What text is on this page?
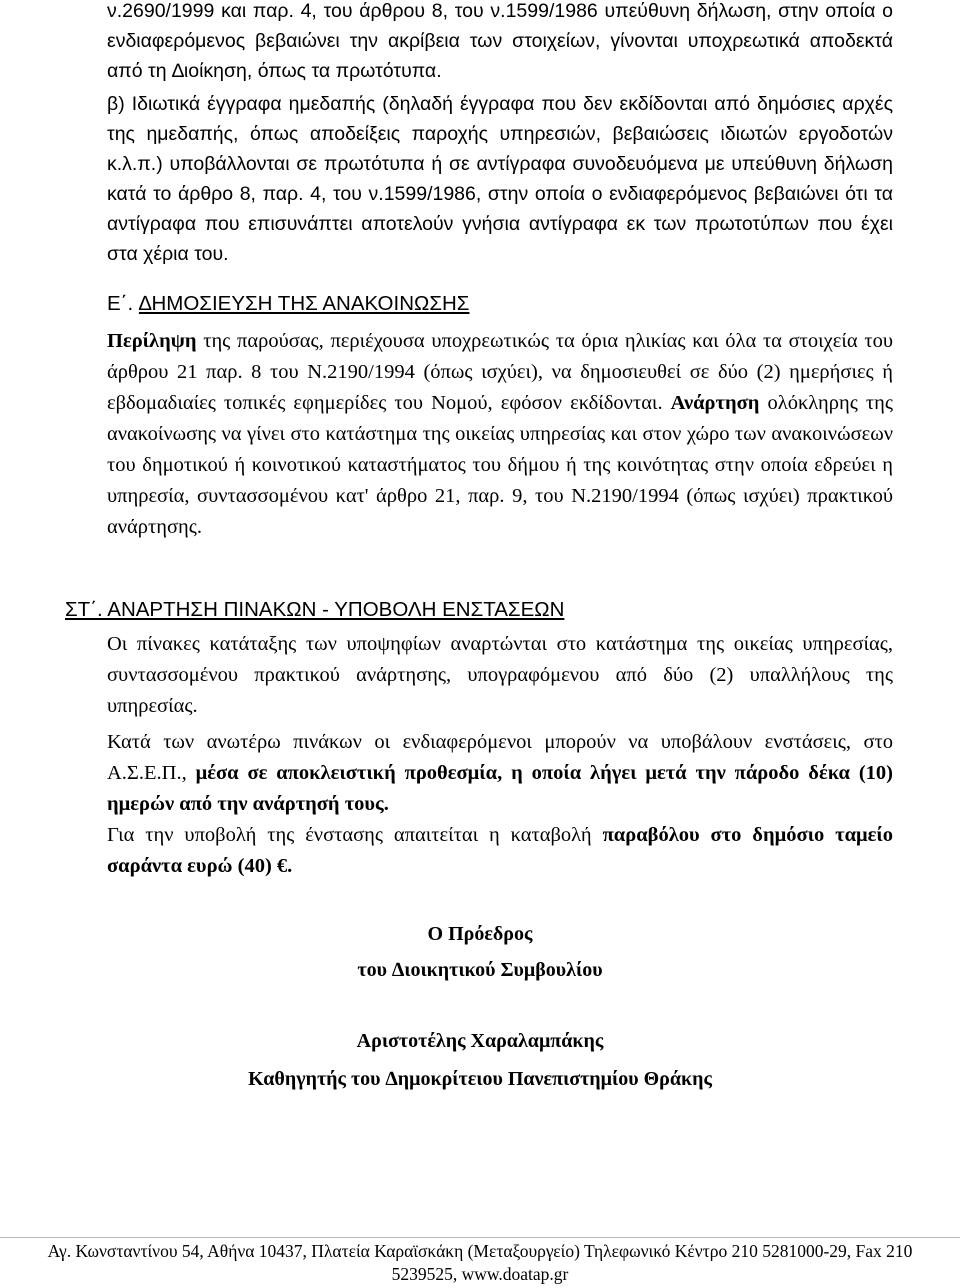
ν.2690/1999 και παρ. 4, του άρθρου 8, του ν.1599/1986 υπεύθυνη δήλωση, στην οποία ο ενδιαφερόμενος βεβαιώνει την ακρίβεια των στοιχείων, γίνονται υποχρεωτικά αποδεκτά από τη ∆ιοίκηση, όπως τα πρωτότυπα.

β) Ιδιωτικά έγγραφα ημεδαπής (δηλαδή έγγραφα που δεν εκδίδονται από δημόσιες αρχές της ημεδαπής, όπως αποδείξεις παροχής υπηρεσιών, βεβαιώσεις ιδιωτών εργοδοτών κ.λ.π.) υποβάλλονται σε πρωτότυπα ή σε αντίγραφα συνοδευόμενα με υπεύθυνη δήλωση κατά το άρθρο 8, παρ. 4, του ν.1599/1986, στην οποία ο ενδιαφερόμενος βεβαιώνει ότι τα αντίγραφα που επισυνάπτει αποτελούν γνήσια αντίγραφα εκ των πρωτοτύπων που έχει στα χέρια του.

Ε΄. ∆ΗΜΟΣΙΕΥΣΗ ΤΗΣ ΑΝΑΚΟΙΝΩΣΗΣ

Περίληψη της παρούσας, περιέχουσα υποχρεωτικώς τα όρια ηλικίας και όλα τα στοιχεία του άρθρου 21 παρ. 8 του Ν.2190/1994 (όπως ισχύει), να δημοσιευθεί σε δύο (2) ημερήσιες ή εβδομαδιαίες τοπικές εφημερίδες του Νομού, εφόσον εκδίδονται. Ανάρτηση ολόκληρης της ανακοίνωσης να γίνει στο κατάστημα της οικείας υπηρεσίας και στον χώρο των ανακοινώσεων του δημοτικού ή κοινοτικού καταστήματος του δήμου ή της κοινότητας στην οποία εδρεύει η υπηρεσία, συντασσομένου κατ' άρθρο 21, παρ. 9, του Ν.2190/1994 (όπως ισχύει) πρακτικού ανάρτησης.

ΣΤ΄. ΑΝΑΡΤΗΣΗ ΠΙΝΑΚΩΝ - ΥΠΟΒΟΛΗ ΕΝΣΤΑΣΕΩΝ

Οι πίνακες κατάταξης των υποψηφίων αναρτώνται στο κατάστημα της οικείας υπηρεσίας, συντασσομένου πρακτικού ανάρτησης, υπογραφόμενου από δύο (2) υπαλλήλους της υπηρεσίας.

Κατά των ανωτέρω πινάκων οι ενδιαφερόμενοι μπορούν να υποβάλουν ενστάσεις, στο Α.Σ.Ε.Π., μέσα σε αποκλειστική προθεσμία, η οποία λήγει μετά την πάροδο δέκα (10) ημερών από την ανάρτησή τους.

Για την υποβολή της ένστασης απαιτείται η καταβολή παραβόλου στο δημόσιο ταμείο σαράντα ευρώ (40) €.

Ο Πρόεδρος

του ∆ιοικητικού Συμβουλίου

Αριστοτέλης Χαραλαμπάκης

Καθηγητής του ∆ημοκρίτειου Πανεπιστημίου Θράκης

Αγ. Κωνσταντίνου 54, Αθήνα 10437, Πλατεία Καραϊσκάκη (Μεταξουργείο) Τηλεφωνικό Κέντρο 210 5281000-29, Fax 210
5239525, www.doatap.gr
